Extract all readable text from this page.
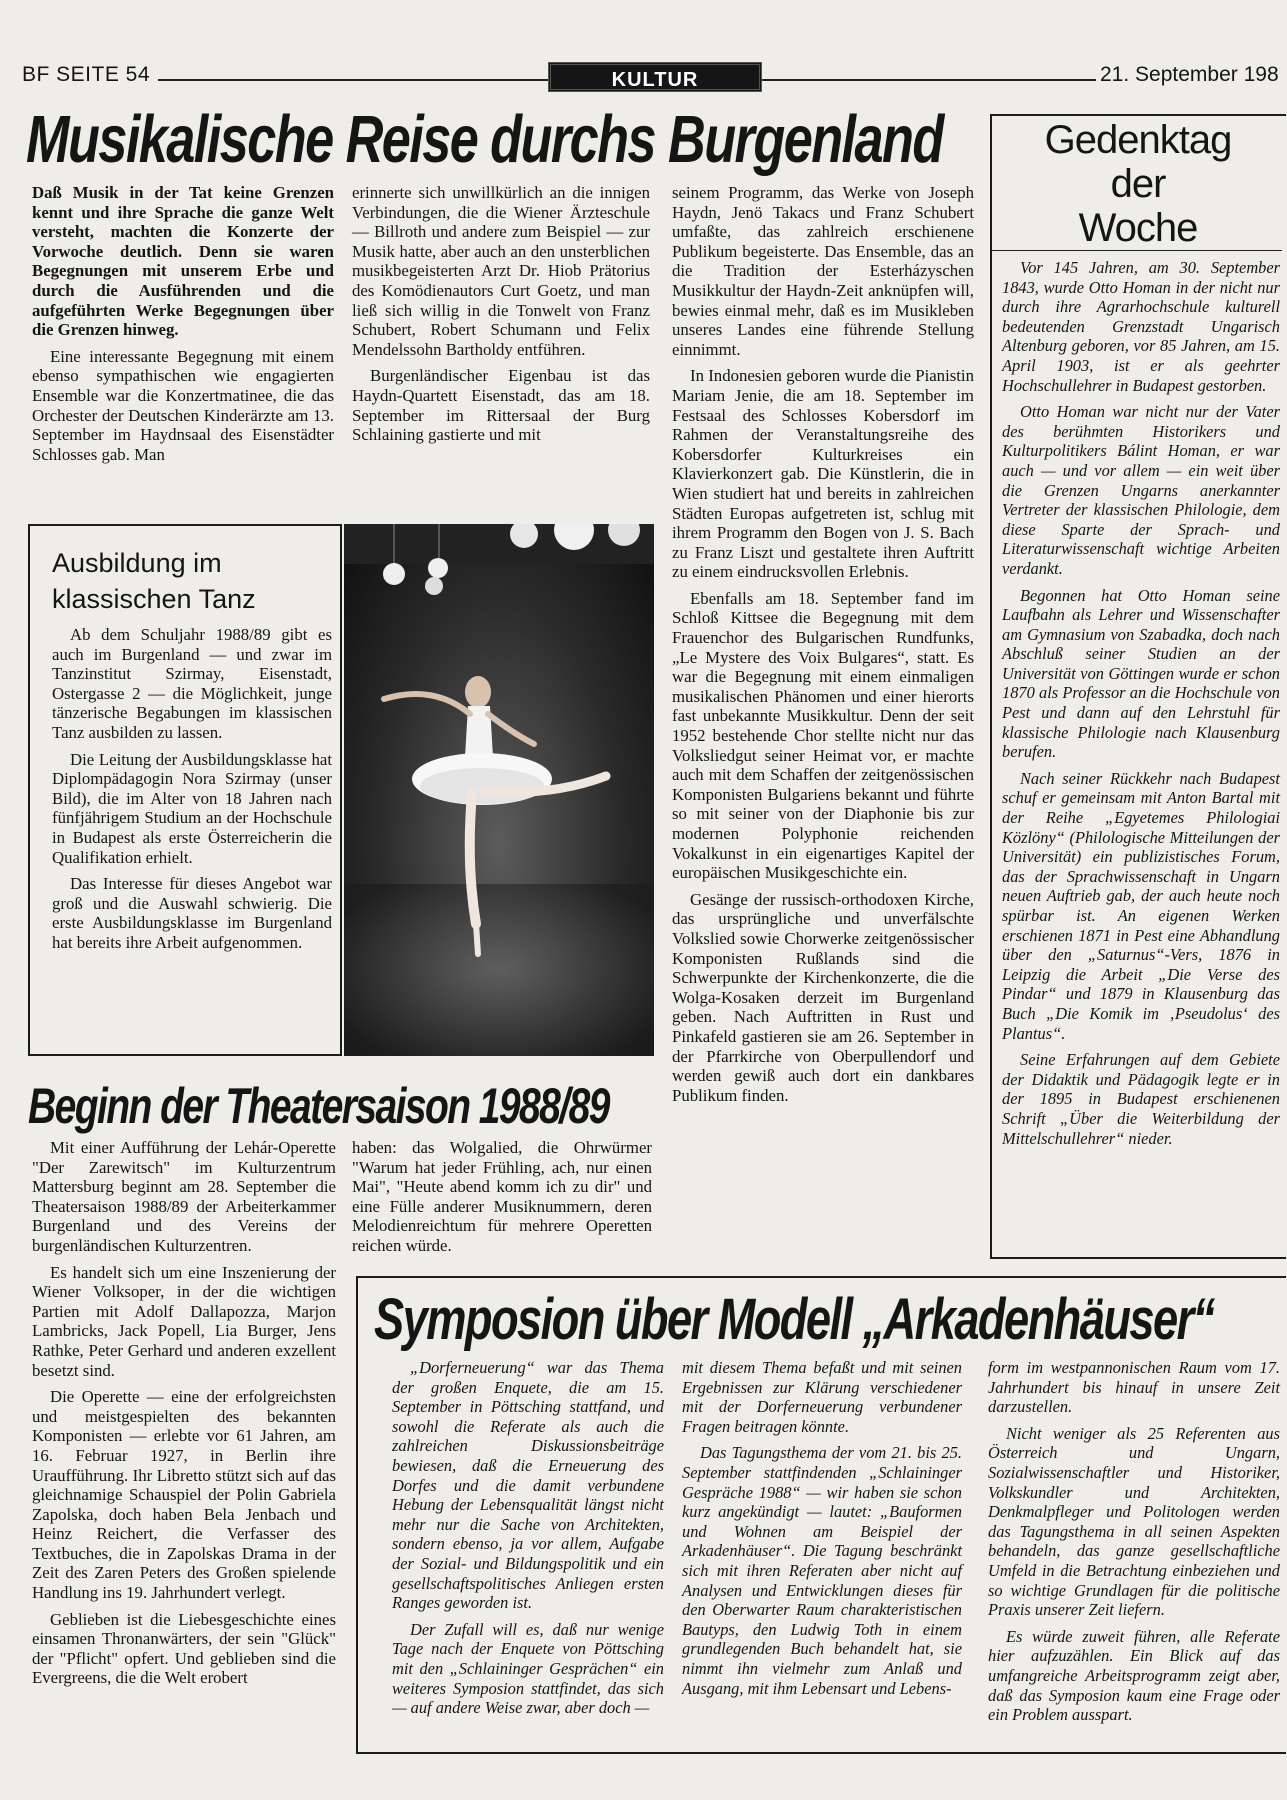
BF SEITE 54	KULTUR	21. September 198
Musikalische Reise durchs Burgenland

Daß Musik in der Tat keine Grenzen kennt und ihre Sprache die ganze Welt versteht, machten die Konzerte der Vorwoche deutlich. Denn sie waren Begegnungen mit unserem Erbe und durch die Ausführenden und die aufgeführten Werke Begegnungen über die Grenzen hinweg.

Eine interessante Begegnung mit einem ebenso sympathischen wie engagierten Ensemble war die Konzertmatinee, die das Orchester der Deutschen Kinderärzte am 13. September im Haydnsaal des Eisenstädter Schlosses gab. Man

erinnerte sich unwillkürlich an die innigen Verbindungen, die die Wiener Ärzteschule — Billroth und andere zum Beispiel — zur Musik hatte, aber auch an den unsterblichen musikbegeisterten Arzt Dr. Hiob Prätorius des Komödienautors Curt Goetz, und man ließ sich willig in die Tonwelt von Franz Schubert, Robert Schumann und Felix Mendelssohn Bartholdy entführen.

Burgenländischer Eigenbau ist das Haydn-Quartett Eisenstadt, das am 18. September im Rittersaal der Burg Schlaining gastierte und mit

seinem Programm, das Werke von Joseph Haydn, Jenö Takacs und Franz Schubert umfaßte, das zahlreich erschienene Publikum begeisterte. Das Ensemble, das an die Tradition der Esterházyschen Musikkultur der Haydn-Zeit anknüpfen will, bewies einmal mehr, daß es im Musikleben unseres Landes eine führende Stellung einnimmt.

In Indonesien geboren wurde die Pianistin Mariam Jenie, die am 18. September im Festsaal des Schlosses Kobersdorf im Rahmen der Veranstaltungsreihe des Kobersdorfer Kulturkreises ein Klavierkonzert gab. Die Künstlerin, die in Wien studiert hat und bereits in zahlreichen Städten Europas aufgetreten ist, schlug mit ihrem Programm den Bogen von J. S. Bach zu Franz Liszt und gestaltete ihren Auftritt zu einem eindrucksvollen Erlebnis.

Ebenfalls am 18. September fand im Schloß Kittsee die Begegnung mit dem Frauenchor des Bulgarischen Rundfunks, „Le Mystere des Voix Bulgares“, statt. Es war die Begegnung mit einem einmaligen musikalischen Phänomen und einer hierorts fast unbekannte Musikkultur. Denn der seit 1952 bestehende Chor stellte nicht nur das Volksliedgut seiner Heimat vor, er machte auch mit dem Schaffen der zeitgenössischen Komponisten Bulgariens bekannt und führte so mit seiner von der Diaphonie bis zur modernen Polyphonie reichenden Vokalkunst in ein eigenartiges Kapitel der europäischen Musikgeschichte ein.

Gesänge der russisch-orthodoxen Kirche, das ursprüngliche und unverfälschte Volkslied sowie Chorwerke zeitgenössischer Komponisten Rußlands sind die Schwerpunkte der Kirchenkonzerte, die die Wolga-Kosaken derzeit im Burgenland geben. Nach Auftritten in Rust und Pinkafeld gastieren sie am 26. September in der Pfarrkirche von Oberpullendorf und werden gewiß auch dort ein dankbares Publikum finden.

Ausbildung im
klassischen Tanz

Ab dem Schuljahr 1988/89 gibt es auch im Burgenland — und zwar im Tanzinstitut Szirmay, Eisenstadt, Ostergasse 2 — die Möglichkeit, junge tänzerische Begabungen im klassischen Tanz ausbilden zu lassen.

Die Leitung der Ausbildungsklasse hat Diplompädagogin Nora Szirmay (unser Bild), die im Alter von 18 Jahren nach fünfjährigem Studium an der Hochschule in Budapest als erste Österreicherin die Qualifikation erhielt.

Das Interesse für dieses Angebot war groß und die Auswahl schwierig. Die erste Ausbildungsklasse im Burgenland hat bereits ihre Arbeit aufgenommen.

Beginn der Theatersaison 1988/89

Mit einer Aufführung der Lehár-Operette "Der Zarewitsch" im Kulturzentrum Mattersburg beginnt am 28. September die Theatersaison 1988/89 der Arbeiterkammer Burgenland und des Vereins der burgenländischen Kulturzentren.

Es handelt sich um eine Inszenierung der Wiener Volksoper, in der die wichtigen Partien mit Adolf Dallapozza, Marjon Lambricks, Jack Popell, Lia Burger, Jens Rathke, Peter Gerhard und anderen exzellent besetzt sind.

Die Operette — eine der erfolgreichsten und meistgespielten des bekannten Komponisten — erlebte vor 61 Jahren, am 16. Februar 1927, in Berlin ihre Uraufführung. Ihr Libretto stützt sich auf das gleichnamige Schauspiel der Polin Gabriela Zapolska, doch haben Bela Jenbach und Heinz Reichert, die Verfasser des Textbuches, die in Zapolskas Drama in der Zeit des Zaren Peters des Großen spielende Handlung ins 19. Jahrhundert verlegt.

Geblieben ist die Liebesgeschichte eines einsamen Thronanwärters, der sein "Glück" der "Pflicht" opfert. Und geblieben sind die Evergreens, die die Welt erobert

haben: das Wolgalied, die Ohrwürmer "Warum hat jeder Frühling, ach, nur einen Mai", "Heute abend komm ich zu dir" und eine Fülle anderer Musiknummern, deren Melodienreichtum für mehrere Operetten reichen würde.

Gedenktag
der
Woche

Vor 145 Jahren, am 30. September 1843, wurde Otto Homan in der nicht nur durch ihre Agrarhochschule kulturell bedeutenden Grenzstadt Ungarisch Altenburg geboren, vor 85 Jahren, am 15. April 1903, ist er als geehrter Hochschullehrer in Budapest gestorben.

Otto Homan war nicht nur der Vater des berühmten Historikers und Kulturpolitikers Bálint Homan, er war auch — und vor allem — ein weit über die Grenzen Ungarns anerkannter Vertreter der klassischen Philologie, dem diese Sparte der Sprach- und Literaturwissenschaft wichtige Arbeiten verdankt.

Begonnen hat Otto Homan seine Laufbahn als Lehrer und Wissenschafter am Gymnasium von Szabadka, doch nach Abschluß seiner Studien an der Universität von Göttingen wurde er schon 1870 als Professor an die Hochschule von Pest und dann auf den Lehrstuhl für klassische Philologie nach Klausenburg berufen.

Nach seiner Rückkehr nach Budapest schuf er gemeinsam mit Anton Bartal mit der Reihe „Egyetemes Philologiai Közlöny“ (Philologische Mitteilungen der Universität) ein publizistisches Forum, das der Sprachwissenschaft in Ungarn neuen Auftrieb gab, der auch heute noch spürbar ist. An eigenen Werken erschienen 1871 in Pest eine Abhandlung über den „Saturnus“-Vers, 1876 in Leipzig die Arbeit „Die Verse des Pindar“ und 1879 in Klausenburg das Buch „Die Komik im ‚Pseudolus‘ des Plantus“.

Seine Erfahrungen auf dem Gebiete der Didaktik und Pädagogik legte er in der 1895 in Budapest erschienenen Schrift „Über die Weiterbildung der Mittelschullehrer“ nieder.

Symposion über Modell „Arkadenhäuser“

„Dorferneuerung“ war das Thema der großen Enquete, die am 15. September in Pöttsching stattfand, und sowohl die Referate als auch die zahlreichen Diskussionsbeiträge bewiesen, daß die Erneuerung des Dorfes und die damit verbundene Hebung der Lebensqualität längst nicht mehr nur die Sache von Architekten, sondern ebenso, ja vor allem, Aufgabe der Sozial- und Bildungspolitik und ein gesellschaftspolitisches Anliegen ersten Ranges geworden ist.

Der Zufall will es, daß nur wenige Tage nach der Enquete von Pöttsching mit den „Schlaininger Gesprächen“ ein weiteres Symposion stattfindet, das sich — auf andere Weise zwar, aber doch —

mit diesem Thema befaßt und mit seinen Ergebnissen zur Klärung verschiedener mit der Dorferneuerung verbundener Fragen beitragen könnte.

Das Tagungsthema der vom 21. bis 25. September stattfindenden „Schlaininger Gespräche 1988“ — wir haben sie schon kurz angekündigt — lautet: „Bauformen und Wohnen am Beispiel der Arkadenhäuser“. Die Tagung beschränkt sich mit ihren Referaten aber nicht auf Analysen und Entwicklungen dieses für den Oberwarter Raum charakteristischen Bautyps, den Ludwig Toth in einem grundlegenden Buch behandelt hat, sie nimmt ihn vielmehr zum Anlaß und Ausgang, mit ihm Lebensart und Lebens-

form im westpannonischen Raum vom 17. Jahrhundert bis hinauf in unsere Zeit darzustellen.

Nicht weniger als 25 Referenten aus Österreich und Ungarn, Sozialwissenschaftler und Historiker, Volkskundler und Architekten, Denkmalpfleger und Politologen werden das Tagungsthema in all seinen Aspekten behandeln, das ganze gesellschaftliche Umfeld in die Betrachtung einbeziehen und so wichtige Grundlagen für die politische Praxis unserer Zeit liefern.

Es würde zuweit führen, alle Referate hier aufzuzählen. Ein Blick auf das umfangreiche Arbeitsprogramm zeigt aber, daß das Symposion kaum eine Frage oder ein Problem ausspart.
